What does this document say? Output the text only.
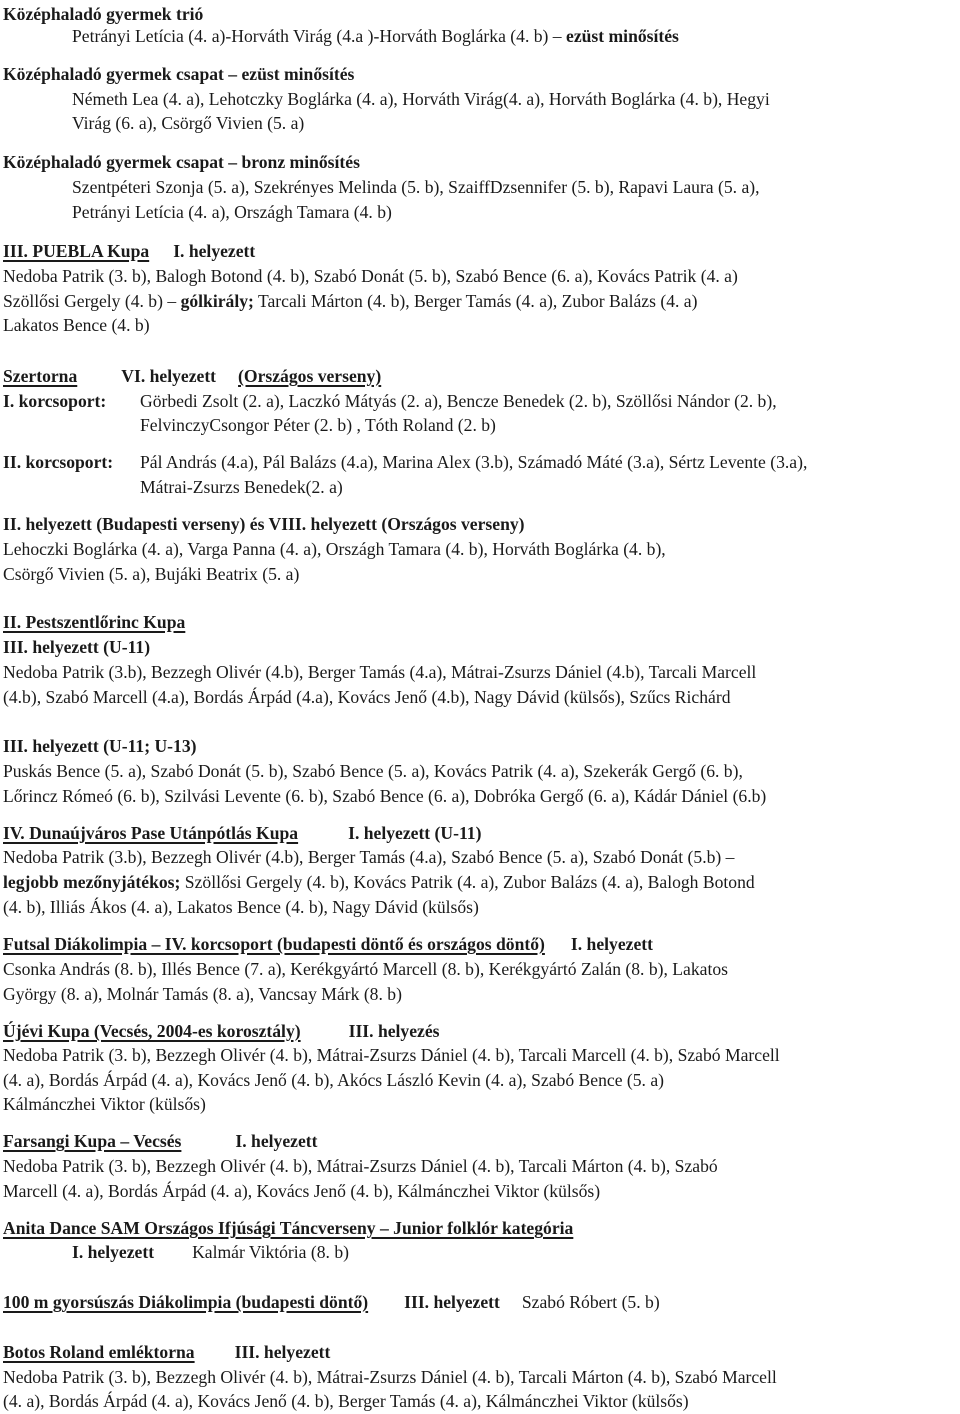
Középhaladó gyermek trió
Petrányi Letícia (4. a)-Horváth Virág (4.a )-Horváth Boglárka (4. b) – ezüst minősítés
Középhaladó gyermek csapat – ezüst minősítés
Németh Lea (4. a), Lehotczky Boglárka (4. a), Horváth Virág(4. a), Horváth Boglárka (4. b), Hegyi
Virág (6. a), Csörgő Vivien (5. a)
Középhaladó gyermek csapat – bronz minősítés
Szentpéteri Szonja (5. a), Szekrényes Melinda (5. b), SzaiffDzsennifer (5. b), Rapavi Laura (5. a),
Petrányi Letícia (4. a), Országh Tamara (4. b)
III. PUEBLA Kupa I. helyezett
Nedoba Patrik (3. b), Balogh Botond (4. b), Szabó Donát (5. b), Szabó Bence (6. a), Kovács Patrik (4. a)
Szöllősi Gergely (4. b) – gólkirály; Tarcali Márton (4. b), Berger Tamás (4. a), Zubor Balázs (4. a)
Lakatos Bence (4. b)
Szertorna	VI. helyezett (Országos verseny)
I. korcsoport: Görbedi Zsolt (2. a), Laczkó Mátyás (2. a), Bencze Benedek (2. b), Szöllősi Nándor (2. b),
FelvinczyCsongor Péter (2. b) , Tóth Roland (2. b)
II. korcsoport: Pál András (4.a), Pál Balázs (4.a), Marina Alex (3.b), Számadó Máté (3.a), Sértz Levente (3.a),
Mátrai-Zsurzs Benedek(2. a)
II. helyezett (Budapesti verseny) és VIII. helyezett (Országos verseny)
Lehoczki Boglárka (4. a), Varga Panna (4. a), Országh Tamara (4. b), Horváth Boglárka (4. b),
Csörgő Vivien (5. a), Bujáki Beatrix (5. a)
II. Pestszentlőrinc Kupa
III. helyezett (U-11)
Nedoba Patrik (3.b), Bezzegh Olivér (4.b), Berger Tamás (4.a), Mátrai-Zsurzs Dániel (4.b), Tarcali Marcell
(4.b), Szabó Marcell (4.a), Bordás Árpád (4.a), Kovács Jenő (4.b), Nagy Dávid (külsős), Szűcs Richárd
III. helyezett (U-11; U-13)
Puskás Bence (5. a), Szabó Donát (5. b), Szabó Bence (5. a), Kovács Patrik (4. a), Szekerák Gergő (6. b),
Lőrincz Rómeó (6. b), Szilvási Levente (6. b), Szabó Bence (6. a), Dobróka Gergő (6. a), Kádár Dániel (6.b)
IV. Dunaújváros Pase Utánpótlás Kupa	I. helyezett (U-11)
Nedoba Patrik (3.b), Bezzegh Olivér (4.b), Berger Tamás (4.a), Szabó Bence (5. a), Szabó Donát (5.b) –
legjobb mezőnyjátékos; Szöllősi Gergely (4. b), Kovács Patrik (4. a), Zubor Balázs (4. a), Balogh Botond
(4. b), Illiás Ákos (4. a), Lakatos Bence (4. b), Nagy Dávid (külsős)
Futsal Diákolimpia – IV. korcsoport (budapesti döntő és országos döntő) I. helyezett
Csonka András (8. b), Illés Bence (7. a), Kerékgyártó Marcell (8. b), Kerékgyártó Zalán (8. b), Lakatos
György (8. a), Molnár Tamás (8. a), Vancsay Márk (8. b)
Újévi Kupa (Vecsés, 2004-es korosztály)	III. helyezés
Nedoba Patrik (3. b), Bezzegh Olivér (4. b), Mátrai-Zsurzs Dániel (4. b), Tarcali Marcell (4. b), Szabó Marcell
(4. a), Bordás Árpád (4. a), Kovács Jenő (4. b), Akócs László Kevin (4. a), Szabó Bence (5. a)
Kálmánczhei Viktor (külsős)
Farsangi Kupa – Vecsés	I. helyezett
Nedoba Patrik (3. b), Bezzegh Olivér (4. b), Mátrai-Zsurzs Dániel (4. b), Tarcali Márton (4. b), Szabó
Marcell (4. a), Bordás Árpád (4. a), Kovács Jenő (4. b), Kálmánczhei Viktor (külsős)
Anita Dance SAM Országos Ifjúsági Táncverseny – Junior folklór kategória
I. helyezett Kalmár Viktória (8. b)
100 m gyorsúszás Diákolimpia (budapesti döntő) III. helyezett Szabó Róbert (5. b)
Botos Roland emléktorna III. helyezett
Nedoba Patrik (3. b), Bezzegh Olivér (4. b), Mátrai-Zsurzs Dániel (4. b), Tarcali Márton (4. b), Szabó Marcell
(4. a), Bordás Árpád (4. a), Kovács Jenő (4. b), Berger Tamás (4. a), Kálmánczhei Viktor (külsős)
